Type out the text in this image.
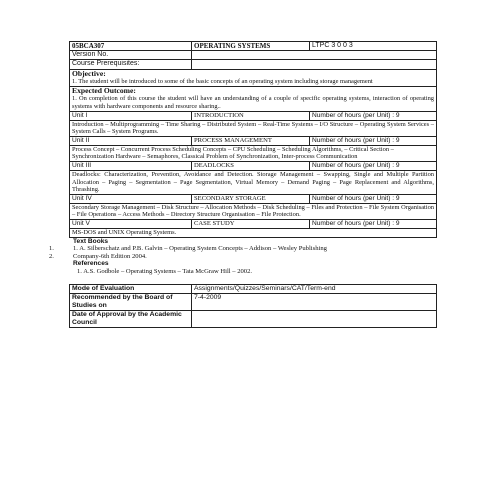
05BCA307	OPERATING SYSTEMS	LTPC 3 0 0 3
Version No.		
Course Prerequisites:		
Objective:
1. The student will be introduced to some of the basic concepts of an operating system including storage management		

Expected Outcome:
1. On completion of this course the student will have an understanding of a couple of specific operating systems, interaction of operating systems with hardware components and resource sharing..		

Unit I	INTRODUCTION	Number of hours (per Unit) : 9
Introduction – Multiprogramming – Time Sharing – Distributed System – Real-Time Systems – I/O Structure – Operating System Services – System Calls – System Programs.		
Unit II	PROCESS MANAGEMENT	Number of hours (per Unit) : 9
Process Concept – Concurrent Process Scheduling Concepts – CPU Scheduling – Scheduling Algorithms, – Critical Section – Synchronization Hardware – Semaphores, Classical Problem of Synchronization, Inter-process Communication		
Unit III	DEADLOCKS	Number of hours (per Unit) : 9
Deadlocks: Characterization, Prevention, Avoidance and Detection. Storage Management – Swapping, Single and Multiple Partition Allocation – Paging – Segmentation – Page Segmentation, Virtual Memory – Demand Paging – Page Replacement and Algorithms, Thrashing.		
Unit IV	SECONDARY STORAGE	Number of hours (per Unit) : 9
Secondary Storage Management – Disk Structure – Allocation Methods – Disk Scheduling – Files and Protection – File System Organisation – File Operations – Access Methods – Directory Structure Organisation – File Protection.		
Unit V	CASE STUDY	Number of hours (per Unit) : 9
MS-DOS and UNIX Operating Systems.		
Text Books
1.	1. A. Silberschatz and P.B. Galvin – Operating System Concepts – Addison – Wesley Publishing
2.	Company-6th Edition 2004.
References
1. A.S. Godbole – Operating Systems – Tata McGraw Hill – 2002.
Mode of Evaluation	Assignments/Quizzes/Seminars/CAT/Term-end
Recommended by the Board of Studies on	7-4-2009
Date of Approval by the Academic Council	
